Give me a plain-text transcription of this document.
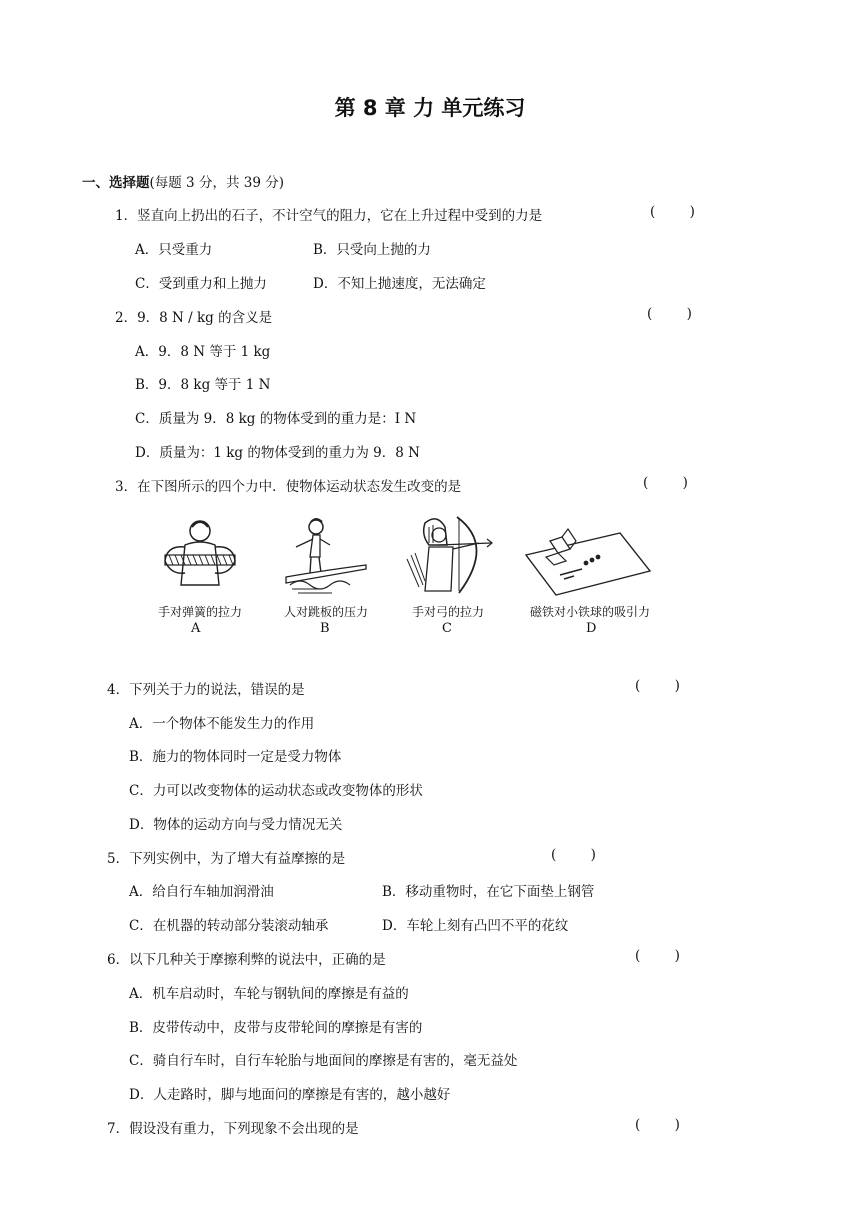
第 8 章 力 单元练习
一、选择题(每题 3 分，共 39 分)
1．竖直向上扔出的石子，不计空气的阻力，它在上升过程中受到的力是	(        )
A．只受重力	B．只受向上抛的力
C．受到重力和上抛力	D．不知上抛速度，无法确定
2．9．8 N / kg 的含义是	(        )
A．9．8 N 等于 1 kg
B．9．8 kg 等于 1 N
C．质量为 9．8 kg 的物体受到的重力是：I N
D．质量为：1 kg 的物体受到的重力为 9．8 N
3．在下图所示的四个力中．使物体运动状态发生改变的是	(        )
手对弹簧的拉力
A
人对跳板的压力
B
手对弓的拉力
C
磁铁对小铁球的吸引力
D
4．下列关于力的说法，错误的是	(        )
A．一个物体不能发生力的作用
B．施力的物体同时一定是受力物体
C．力可以改变物体的运动状态或改变物体的形状
D．物体的运动方向与受力情况无关
5．下列实例中，为了增大有益摩擦的是	(        )
A．给自行车轴加润滑油	B．移动重物时，在它下面垫上钢管
C．在机器的转动部分装滚动轴承	D．车轮上刻有凸凹不平的花纹
6．以下几种关于摩擦利弊的说法中，正确的是	(        )
A．机车启动时，车轮与钢轨间的摩擦是有益的
B．皮带传动中，皮带与皮带轮间的摩擦是有害的
C．骑自行车时，自行车轮胎与地面间的摩擦是有害的，毫无益处
D．人走路时，脚与地面问的摩擦是有害的，越小越好
7．假设没有重力，下列现象不会出现的是	(        )
